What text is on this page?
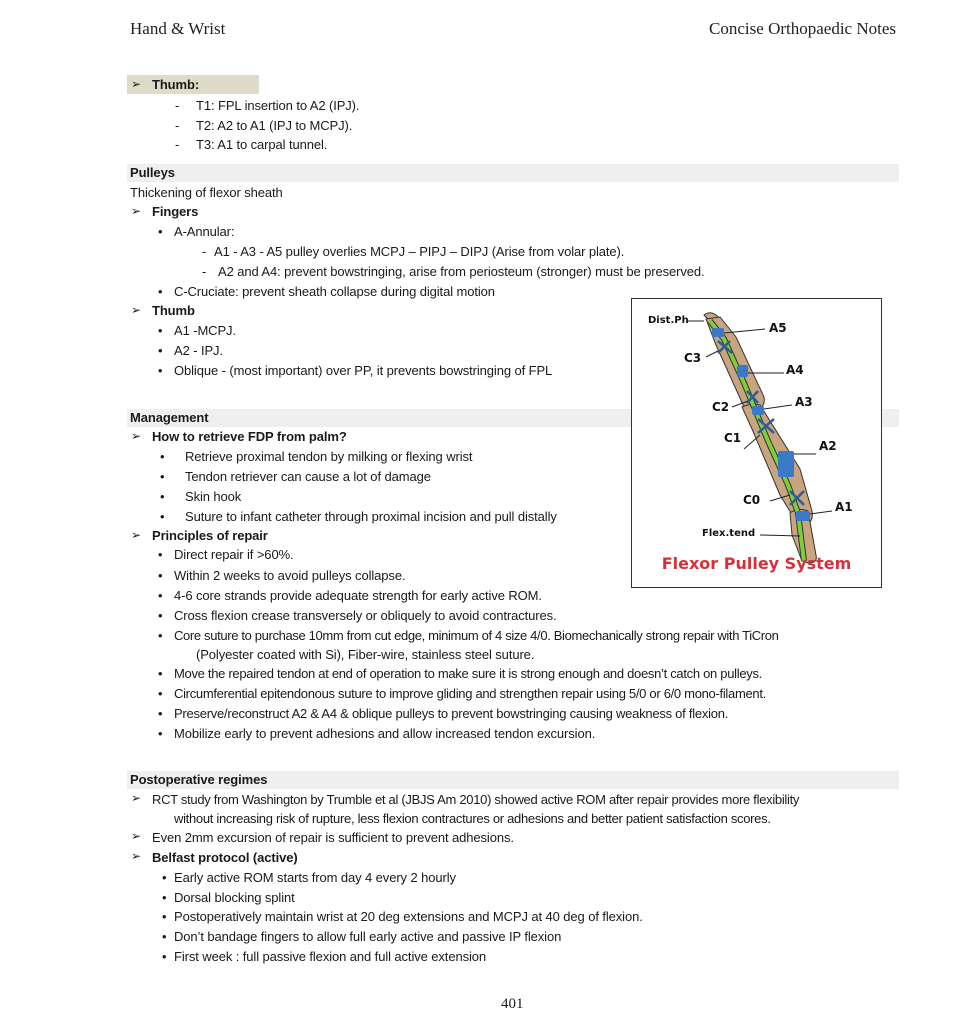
Hand & Wrist	Concise Orthopaedic Notes
➢ Thumb:
- T1: FPL insertion to A2 (IPJ).
- T2: A2 to A1 (IPJ to MCPJ).
- T3: A1 to carpal tunnel.
Pulleys
Thickening of flexor sheath
➢ Fingers
• A-Annular:
- A1 - A3 - A5 pulley overlies MCPJ – PIPJ – DIPJ (Arise from volar plate).
- A2 and A4: prevent bowstringing, arise from periosteum (stronger) must be preserved.
• C-Cruciate: prevent sheath collapse during digital motion
➢ Thumb
• A1 -MCPJ.
• A2 - IPJ.
• Oblique - (most important) over PP, it prevents bowstringing of FPL
Management
➢ How to retrieve FDP from palm?
• Retrieve proximal tendon by milking or flexing wrist
• Tendon retriever can cause a lot of damage
• Skin hook
• Suture to infant catheter through proximal incision and pull distally
➢ Principles of repair
• Direct repair if >60%.
• Within 2 weeks to avoid pulleys collapse.
• 4-6 core strands provide adequate strength for early active ROM.
• Cross flexion crease transversely or obliquely to avoid contractures.
• Core suture to purchase 10mm from cut edge, minimum of 4 size 4/0. Biomechanically strong repair with TiCron
(Polyester coated with Si), Fiber-wire, stainless steel suture.
• Move the repaired tendon at end of operation to make sure it is strong enough and doesn’t catch on pulleys.
• Circumferential epitendonous suture to improve gliding and strengthen repair using 5/0 or 6/0 mono-filament.
• Preserve/reconstruct A2 & A4 & oblique pulleys to prevent bowstringing causing weakness of flexion.
• Mobilize early to prevent adhesions and allow increased tendon excursion.
Dist.Ph
A5
C3
A4
C2	A3
C1
A2
C0	A1
Flex.tend
Flexor Pulley System
Postoperative regimes
➢ RCT study from Washington by Trumble et al (JBJS Am 2010) showed active ROM after repair provides more flexibility
without increasing risk of rupture, less flexion contractures or adhesions and better patient satisfaction scores.
➢ Even 2mm excursion of repair is sufficient to prevent adhesions.
➢ Belfast protocol (active)
• Early active ROM starts from day 4 every 2 hourly
• Dorsal blocking splint
• Postoperatively maintain wrist at 20 deg extensions and MCPJ at 40 deg of flexion.
• Don’t bandage fingers to allow full early active and passive IP flexion
• First week : full passive flexion and full active extension
401
